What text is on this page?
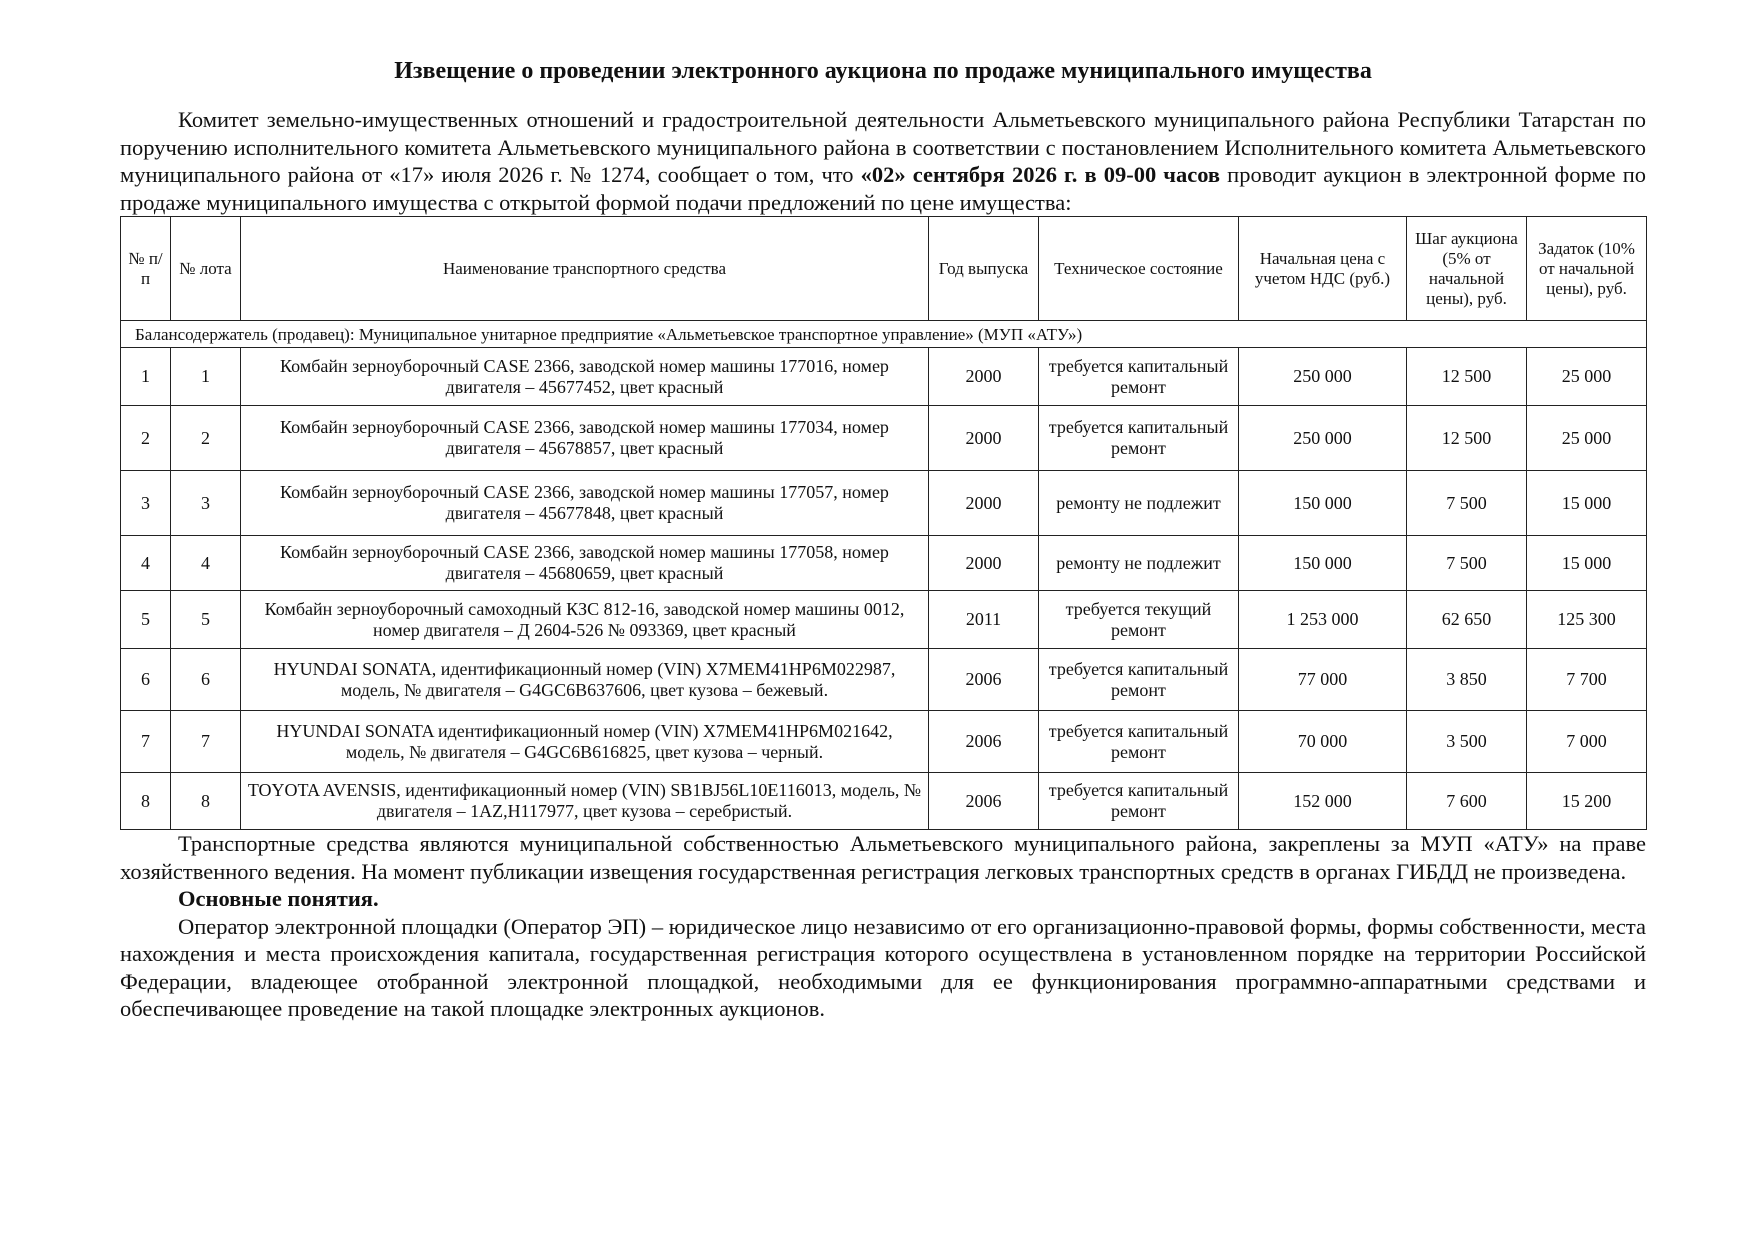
Извещение о проведении электронного аукциона по продаже муниципального имущества

Комитет земельно-имущественных отношений и градостроительной деятельности Альметьевского муниципального района Республики Татарстан по поручению исполнительного комитета Альметьевского муниципального района в соответствии с постановлением Исполнительного комитета Альметьевского муниципального района от «17» июля 2026 г. № 1274, сообщает о том, что «02» сентября 2026 г. в 09-00 часов проводит аукцион в электронной форме по продаже муниципального имущества с открытой формой подачи предложений по цене имущества:

№ п/п	№ лота	Наименование транспортного средства	Год выпуска	Техническое состояние	Начальная цена с учетом НДС (руб.)	Шаг аукциона (5% от начальной цены), руб.	Задаток (10% от начальной цены), руб.
Балансодержатель (продавец): Муниципальное унитарное предприятие «Альметьевское транспортное управление» (МУП «АТУ»)							
1	1	Комбайн зерноуборочный CASE 2366, заводской номер машины 177016, номер двигателя – 45677452, цвет красный	2000	требуется капитальный ремонт	250 000	12 500	25 000
2	2	Комбайн зерноуборочный CASE 2366, заводской номер машины 177034, номер двигателя – 45678857, цвет красный	2000	требуется капитальный ремонт	250 000	12 500	25 000
3	3	Комбайн зерноуборочный CASE 2366, заводской номер машины 177057, номер двигателя – 45677848, цвет красный	2000	ремонту не подлежит	150 000	7 500	15 000
4	4	Комбайн зерноуборочный CASE 2366, заводской номер машины 177058, номер двигателя – 45680659, цвет красный	2000	ремонту не подлежит	150 000	7 500	15 000
5	5	Комбайн зерноуборочный самоходный КЗС 812-16, заводской номер машины 0012, номер двигателя – Д 2604-526 № 093369, цвет красный	2011	требуется текущий ремонт	1 253 000	62 650	125 300
6	6	HYUNDAI SONATA, идентификационный номер (VIN) X7MEM41HP6M022987, модель, № двигателя – G4GC6B637606, цвет кузова – бежевый.	2006	требуется капитальный ремонт	77 000	3 850	7 700
7	7	HYUNDAI SONATA идентификационный номер (VIN) X7MEM41HP6M021642, модель, № двигателя – G4GC6B616825, цвет кузова – черный.	2006	требуется капитальный ремонт	70 000	3 500	7 000
8	8	TOYOTA AVENSIS, идентификационный номер (VIN) SB1BJ56L10E116013, модель, № двигателя – 1AZ,H117977, цвет кузова – серебристый.	2006	требуется капитальный ремонт	152 000	7 600	15 200

Транспортные средства являются муниципальной собственностью Альметьевского муниципального района, закреплены за МУП «АТУ» на праве хозяйственного ведения. На момент публикации извещения государственная регистрация легковых транспортных средств в органах ГИБДД не произведена.

Основные понятия.

Оператор электронной площадки (Оператор ЭП) – юридическое лицо независимо от его организационно-правовой формы, формы собственности, места нахождения и места происхождения капитала, государственная регистрация которого осуществлена в установленном порядке на территории Российской Федерации, владеющее отобранной электронной площадкой, необходимыми для ее функционирования программно-аппаратными средствами и обеспечивающее проведение на такой площадке электронных аукционов.
